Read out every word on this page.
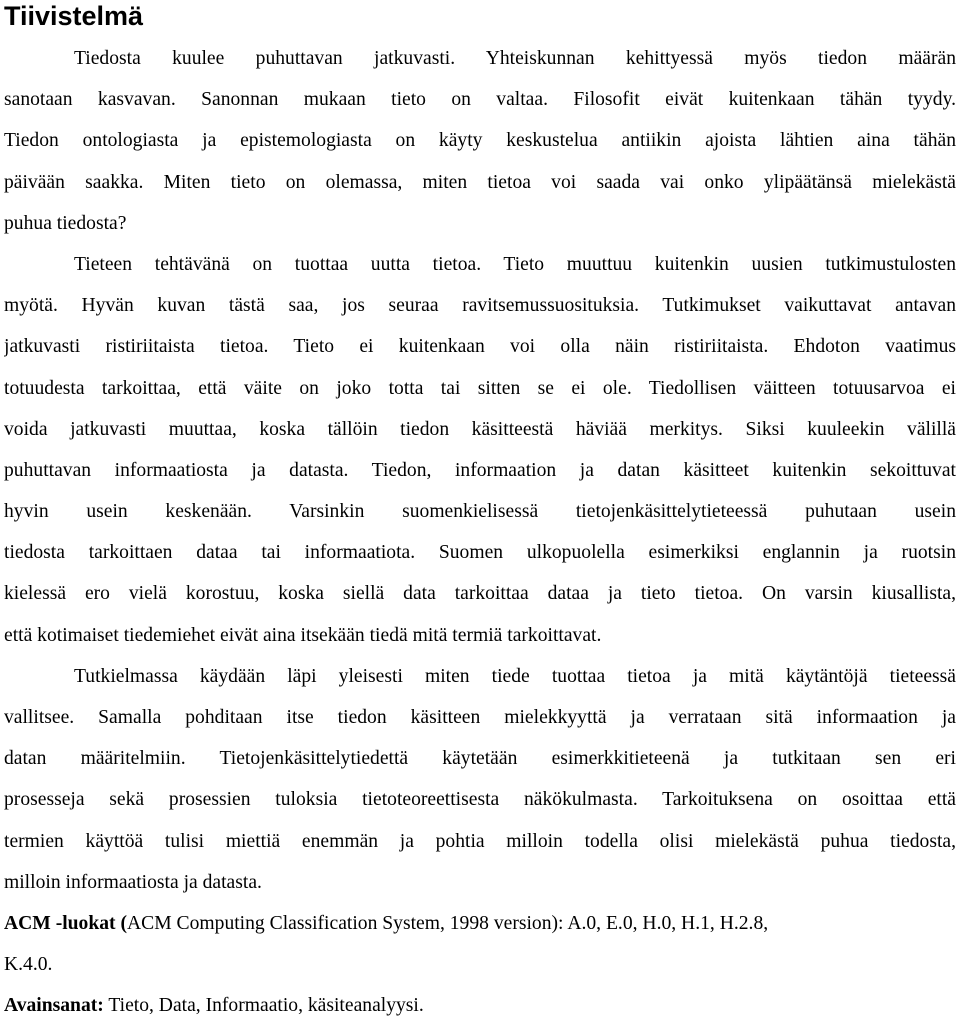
Tiivistelmä
Tiedosta kuulee puhuttavan jatkuvasti. Yhteiskunnan kehittyessä myös tiedon määrän
sanotaan kasvavan. Sanonnan mukaan tieto on valtaa. Filosofit eivät kuitenkaan tähän tyydy.
Tiedon ontologiasta ja epistemologiasta on käyty keskustelua antiikin ajoista lähtien aina tähän
päivään saakka. Miten tieto on olemassa, miten tietoa voi saada vai onko ylipäätänsä mielekästä
puhua tiedosta?
Tieteen tehtävänä on tuottaa uutta tietoa. Tieto muuttuu kuitenkin uusien tutkimustulosten
myötä. Hyvän kuvan tästä saa, jos seuraa ravitsemussuosituksia. Tutkimukset vaikuttavat antavan
jatkuvasti ristiriitaista tietoa. Tieto ei kuitenkaan voi olla näin ristiriitaista. Ehdoton vaatimus
totuudesta tarkoittaa, että väite on joko totta tai sitten se ei ole. Tiedollisen väitteen totuusarvoa ei
voida jatkuvasti muuttaa, koska tällöin tiedon käsitteestä häviää merkitys. Siksi kuuleekin välillä
puhuttavan informaatiosta ja datasta. Tiedon, informaation ja datan käsitteet kuitenkin sekoittuvat
hyvin usein keskenään. Varsinkin suomenkielisessä tietojenkäsittelytieteessä puhutaan usein
tiedosta tarkoittaen dataa tai informaatiota. Suomen ulkopuolella esimerkiksi englannin ja ruotsin
kielessä ero vielä korostuu, koska siellä data tarkoittaa dataa ja tieto tietoa. On varsin kiusallista,
että kotimaiset tiedemiehet eivät aina itsekään tiedä mitä termiä tarkoittavat.
Tutkielmassa käydään läpi yleisesti miten tiede tuottaa tietoa ja mitä käytäntöjä tieteessä
vallitsee. Samalla pohditaan itse tiedon käsitteen mielekkyyttä ja verrataan sitä informaation ja
datan määritelmiin. Tietojenkäsittelytiedettä käytetään esimerkkitieteenä ja tutkitaan sen eri
prosesseja sekä prosessien tuloksia tietoteoreettisesta näkökulmasta. Tarkoituksena on osoittaa että
termien käyttöä tulisi miettiä enemmän ja pohtia milloin todella olisi mielekästä puhua tiedosta,
milloin informaatiosta ja datasta.
ACM -luokat (ACM Computing Classification System, 1998 version): A.0, E.0, H.0, H.1, H.2.8,
K.4.0.
Avainsanat: Tieto, Data, Informaatio, käsiteanalyysi.
